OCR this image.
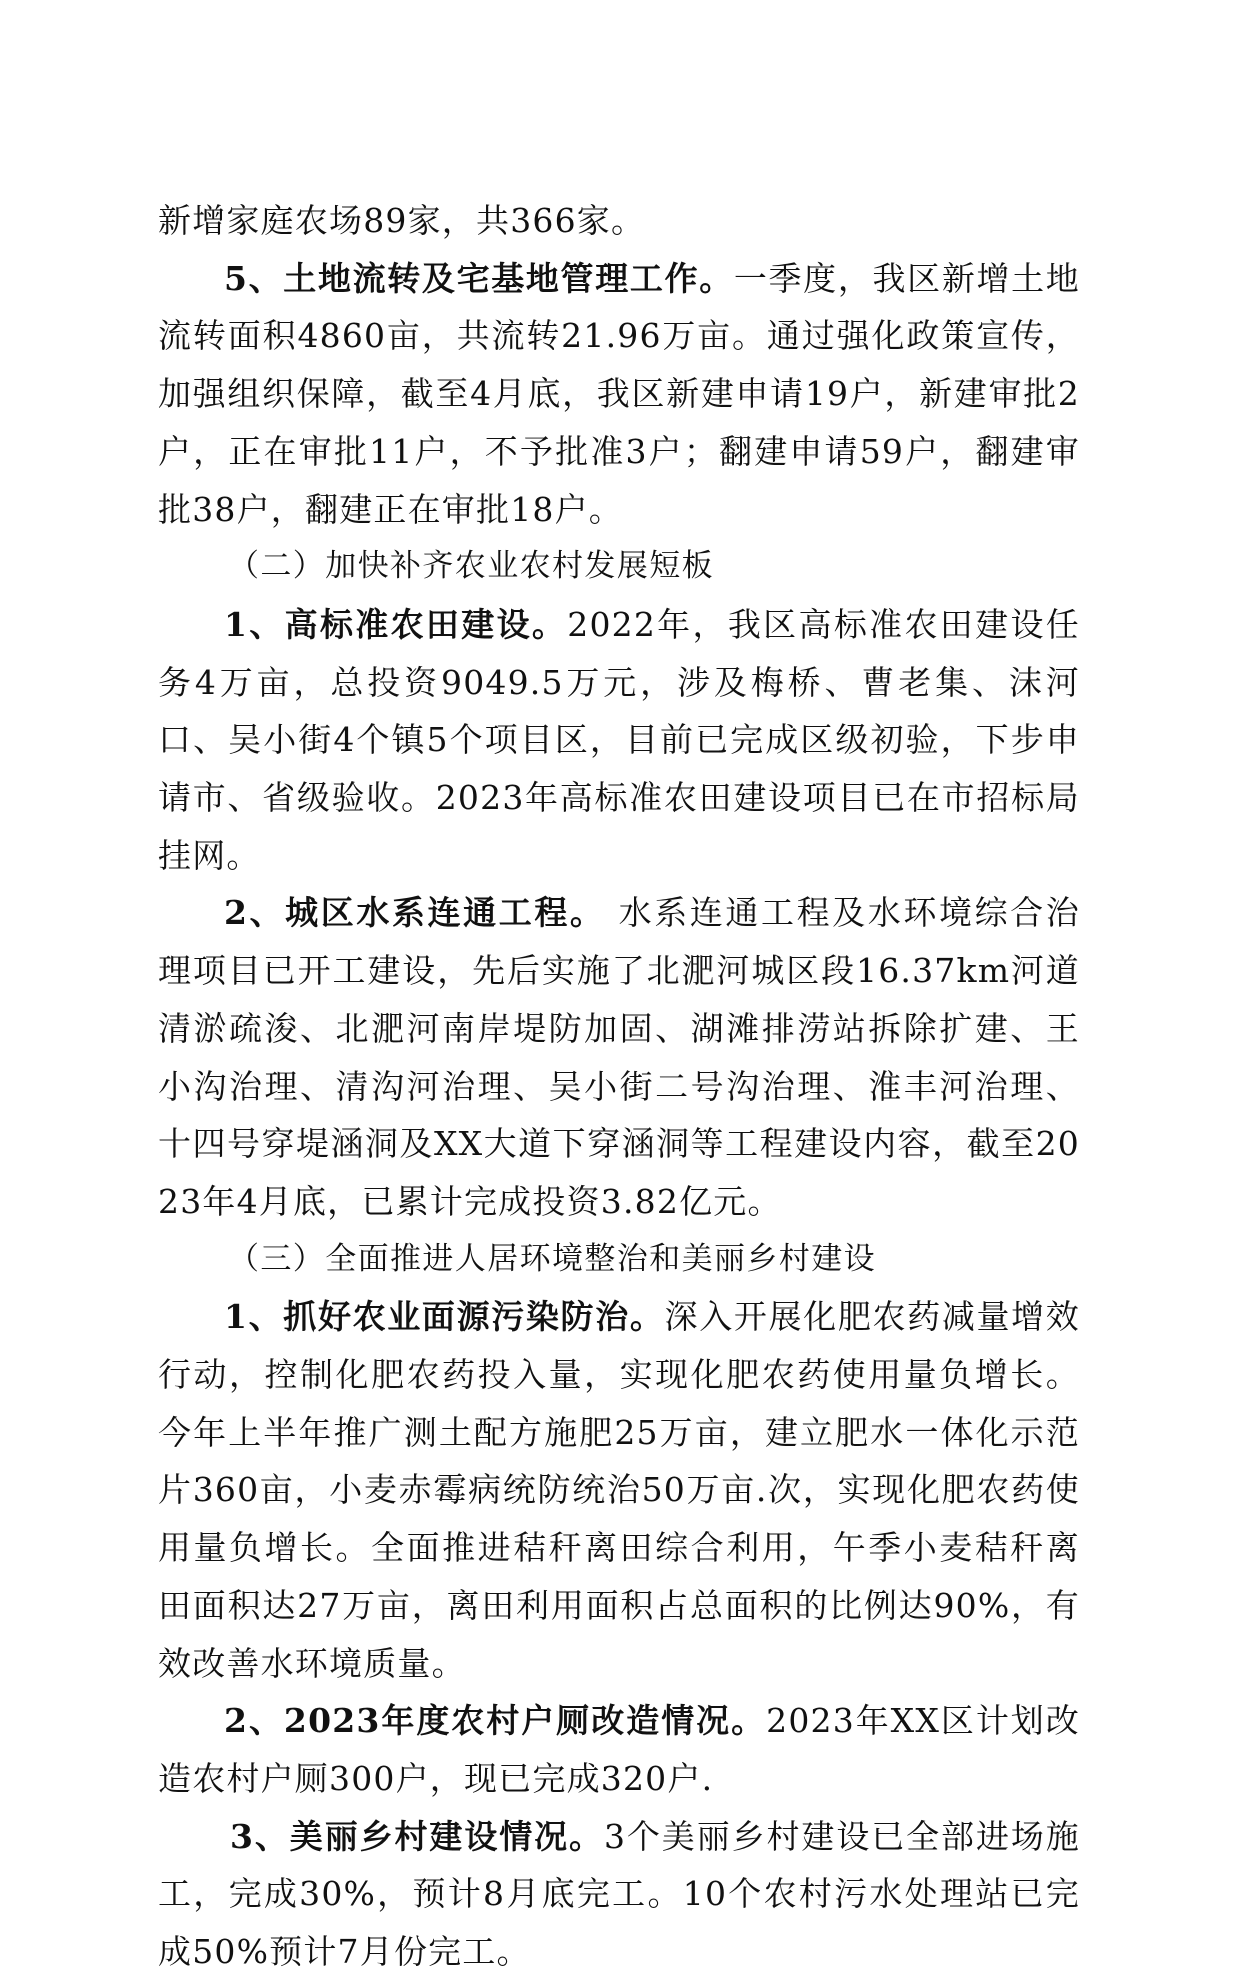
新增家庭农场89家，共366家。

5、土地流转及宅基地管理工作。一季度，我区新增土地流转面积4860亩，共流转21.96万亩。通过强化政策宣传，加强组织保障，截至4月底，我区新建申请19户，新建审批2户，正在审批11户，不予批准3户；翻建申请59户，翻建审批38户，翻建正在审批18户。

（二）加快补齐农业农村发展短板

1、高标准农田建设。2022年，我区高标准农田建设任务4万亩，总投资9049.5万元，涉及梅桥、曹老集、沫河口、吴小街4个镇5个项目区，目前已完成区级初验，下步申请市、省级验收。2023年高标准农田建设项目已在市招标局挂网。

2、城区水系连通工程。 水系连通工程及水环境综合治理项目已开工建设，先后实施了北淝河城区段16.37km河道清淤疏浚、北淝河南岸堤防加固、湖滩排涝站拆除扩建、王小沟治理、清沟河治理、吴小街二号沟治理、淮丰河治理、十四号穿堤涵洞及XX大道下穿涵洞等工程建设内容，截至2023年4月底，已累计完成投资3.82亿元。

（三）全面推进人居环境整治和美丽乡村建设

1、抓好农业面源污染防治。深入开展化肥农药减量增效行动，控制化肥农药投入量，实现化肥农药使用量负增长。今年上半年推广测土配方施肥25万亩，建立肥水一体化示范片360亩，小麦赤霉病统防统治50万亩.次，实现化肥农药使用量负增长。全面推进秸秆离田综合利用，午季小麦秸秆离田面积达27万亩，离田利用面积占总面积的比例达90%，有效改善水环境质量。

2、2023年度农村户厕改造情况。2023年XX区计划改造农村户厕300户，现已完成320户.

3、美丽乡村建设情况。3个美丽乡村建设已全部进场施工，完成30%，预计8月底完工。10个农村污水处理站已完成50%预计7月份完工。
